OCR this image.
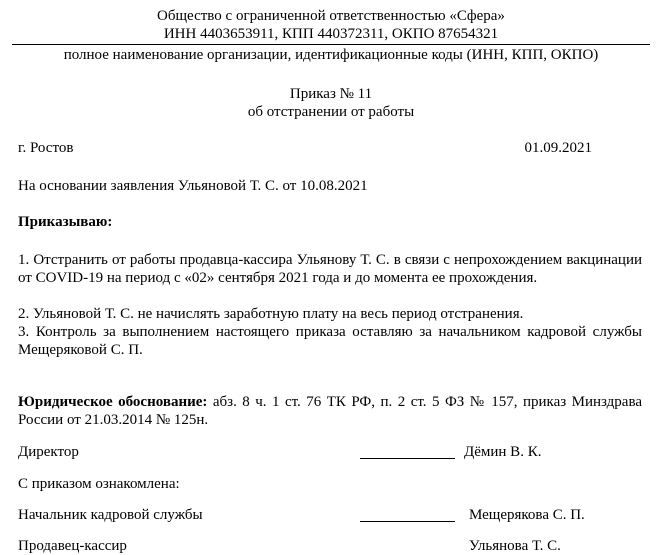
Общество с ограниченной ответственностью «Сфера»
ИНН 4403653911, КПП 440372311, ОКПО 87654321
полное наименование организации, идентификационные коды (ИНН, КПП, ОКПО)
Приказ № 11
об отстранении от работы
г. Ростов	01.09.2021
На основании заявления Ульяновой Т. С. от 10.08.2021
Приказываю:
1. Отстранить от работы продавца-кассира Ульянову Т. С. в связи с непрохождением вакцинации от COVID-19 на период с «02» сентября 2021 года и до момента ее прохождения.
2. Ульяновой Т. С. не начислять заработную плату на весь период отстранения.
3. Контроль за выполнением настоящего приказа оставляю за начальником кадровой службы Мещеряковой С. П.
Юридическое обоснование: абз. 8 ч. 1 ст. 76 ТК РФ, п. 2 ст. 5 ФЗ № 157, приказ Минздрава России от 21.03.2014 № 125н.
Директор	Дёмин В. К.
С приказом ознакомлена:
Начальник кадровой службы	Мещерякова С. П.
Продавец-кассир	Ульянова Т. С.
